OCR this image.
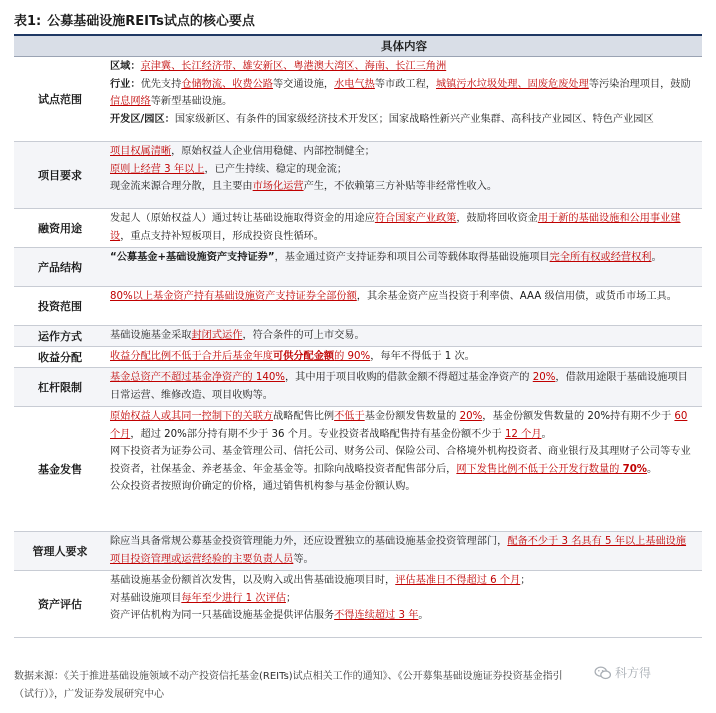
表1: 公募基础设施REITs试点的核心要点
具体内容
试点范围

区域：京津冀、长江经济带、雄安新区、粤港澳大湾区、海南、长江三角洲

行业：优先支持仓储物流、收费公路等交通设施，水电气热等市政工程，城镇污水垃圾处理、固废危废处理等污染治理项目，鼓励信息网络等新型基础设施。

开发区/园区：国家级新区、有条件的国家级经济技术开发区；国家战略性新兴产业集群、高科技产业园区、特色产业园区

项目要求

项目权属清晰，原始权益人企业信用稳健、内部控制健全；

原则上经营 3 年以上，已产生持续、稳定的现金流；

现金流来源合理分散，且主要由市场化运营产生，不依赖第三方补贴等非经常性收入。

融资用途

发起人（原始权益人）通过转让基础设施取得资金的用途应符合国家产业政策，鼓励将回收资金用于新的基础设施和公用事业建设，重点支持补短板项目，形成投资良性循环。

产品结构

“公募基金+基础设施资产支持证券”，基金通过资产支持证券和项目公司等载体取得基础设施项目完全所有权或经营权利。

投资范围

80%以上基金资产持有基础设施资产支持证券全部份额，其余基金资产应当投资于利率债、AAA 级信用债，或货币市场工具。

运作方式	基础设施基金采取封闭式运作，符合条件的可上市交易。

收益分配	收益分配比例不低于合并后基金年度可供分配金额的 90%，每年不得低于 1 次。

杠杆限制

基金总资产不超过基金净资产的 140%，其中用于项目收购的借款金额不得超过基金净资产的 20%，借款用途限于基础设施项目日常运营、维修改造、项目收购等。

基金发售

原始权益人或其同一控制下的关联方战略配售比例不低于基金份额发售数量的 20%，基金份额发售数量的 20%持有期不少于 60 个月，超过 20%部分持有期不少于 36 个月。专业投资者战略配售持有基金份额不少于 12 个月。

网下投资者为证券公司、基金管理公司、信托公司、财务公司、保险公司、合格境外机构投资者、商业银行及其理财子公司等专业投资者，社保基金、养老基金、年金基金等。扣除向战略投资者配售部分后，网下发售比例不低于公开发行数量的 70%。

公众投资者按照询价确定的价格，通过销售机构参与基金份额认购。

管理人要求

除应当具备常规公募基金投资管理能力外，还应设置独立的基础设施基金投资管理部门，配备不少于 3 名具有 5 年以上基础设施项目投资管理或运营经验的主要负责人员等。

资产评估

基础设施基金份额首次发售，以及购入或出售基础设施项目时，评估基准日不得超过 6 个月；

对基础设施项目每年至少进行 1 次评估；

资产评估机构为同一只基础设施基金提供评估服务不得连续超过 3 年。

数据来源：《关于推进基础设施领域不动产投资信托基金(REITs)试点相关工作的通知》、《公开募集基础设施证券投资基金指引
（试行）》，广发证券发展研究中心
科方得
